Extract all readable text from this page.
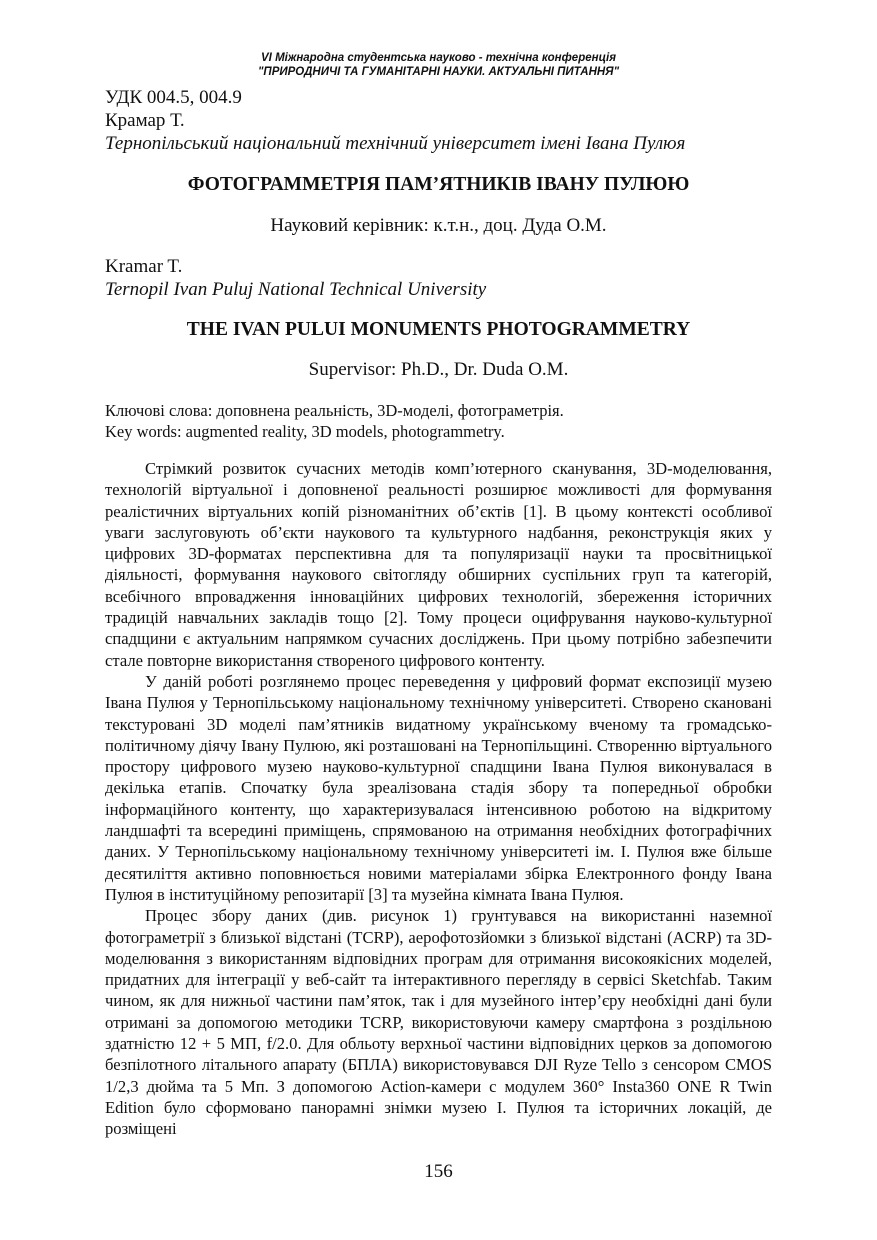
VI Міжнародна студентська науково - технічна конференція
"ПРИРОДНИЧІ ТА ГУМАНІТАРНІ НАУКИ. АКТУАЛЬНІ ПИТАННЯ"
УДК 004.5, 004.9
Крамар Т.
Тернопільський національний технічний університет імені Івана Пулюя
ФОТОГРАММЕТРІЯ ПАМ’ЯТНИКІВ ІВАНУ ПУЛЮЮ
Науковий керівник: к.т.н., доц. Дуда О.М.
Kramar T.
Ternopil Ivan Puluj National Technical University
THE IVAN PULUI MONUMENTS PHOTOGRAMMETRY
Supervisor: Ph.D., Dr. Duda O.M.
Ключові слова: доповнена реальність, 3D-моделі, фотограметрія.
Key words: augmented reality, 3D models, photogrammetry.

Стрімкий розвиток сучасних методів комп’ютерного сканування, 3D-моделювання, технологій віртуальної і доповненої реальності розширює можливості для формування реалістичних віртуальних копій різноманітних об’єктів [1]. В цьому контексті особливої уваги заслуговують об’єкти наукового та культурного надбання, реконструкція яких у цифрових 3D-форматах перспективна для та популяризації науки та просвітницької діяльності, формування наукового світогляду обширних суспільних груп та категорій, всебічного впровадження інноваційних цифрових технологій, збереження історичних традицій навчальних закладів тощо [2]. Тому процеси оцифрування науково-культурної спадщини є актуальним напрямком сучасних досліджень. При цьому потрібно забезпечити стале повторне використання створеного цифрового контенту.

У даній роботі розглянемо процес переведення у цифровий формат експозиції музею Івана Пулюя у Тернопільському національному технічному університеті. Створено скановані текстуровані 3D моделі пам’ятників видатному українському вченому та громадсько-політичному діячу Івану Пулюю, які розташовані на Тернопільщині. Створенню віртуального простору цифрового музею науково-культурної спадщини Івана Пулюя виконувалася в декілька етапів. Спочатку була зреалізована стадія збору та попередньої обробки інформаційного контенту, що характеризувалася інтенсивною роботою на відкритому ландшафті та всередині приміщень, спрямованою на отримання необхідних фотографічних даних. У Тернопільському національному технічному університеті ім. І. Пулюя вже більше десятиліття активно поповнюється новими матеріалами збірка Електронного фонду Івана Пулюя в інституційному репозитарії [3] та музейна кімната Івана Пулюя.

Процес збору даних (див. рисунок 1) грунтувався на використанні наземної фотограметрії з близької відстані (TCRP), аерофотозйомки з близької відстані (ACRP) та 3D-моделювання з використанням відповідних програм для отримання високоякісних моделей, придатних для інтеграції у веб-сайт та інтерактивного перегляду в сервісі Sketchfab. Таким чином, як для нижньої частини пам’яток, так і для музейного інтер’єру необхідні дані були отримані за допомогою методики TCRP, використовуючи камеру смартфона з роздільною здатністю 12 + 5 МП, f/2.0. Для обльоту верхньої частини відповідних церков за допомогою безпілотного літального апарату (БПЛА) використовувався DJI Ryze Tello з сенсором CMOS 1/2,3 дюйма та 5 Мп. З допомогою Action-камери с модулем 360° Insta360 ONE R Twin Edition було сформовано панорамні знімки музею І. Пулюя та історичних локацій, де розміщені

156
